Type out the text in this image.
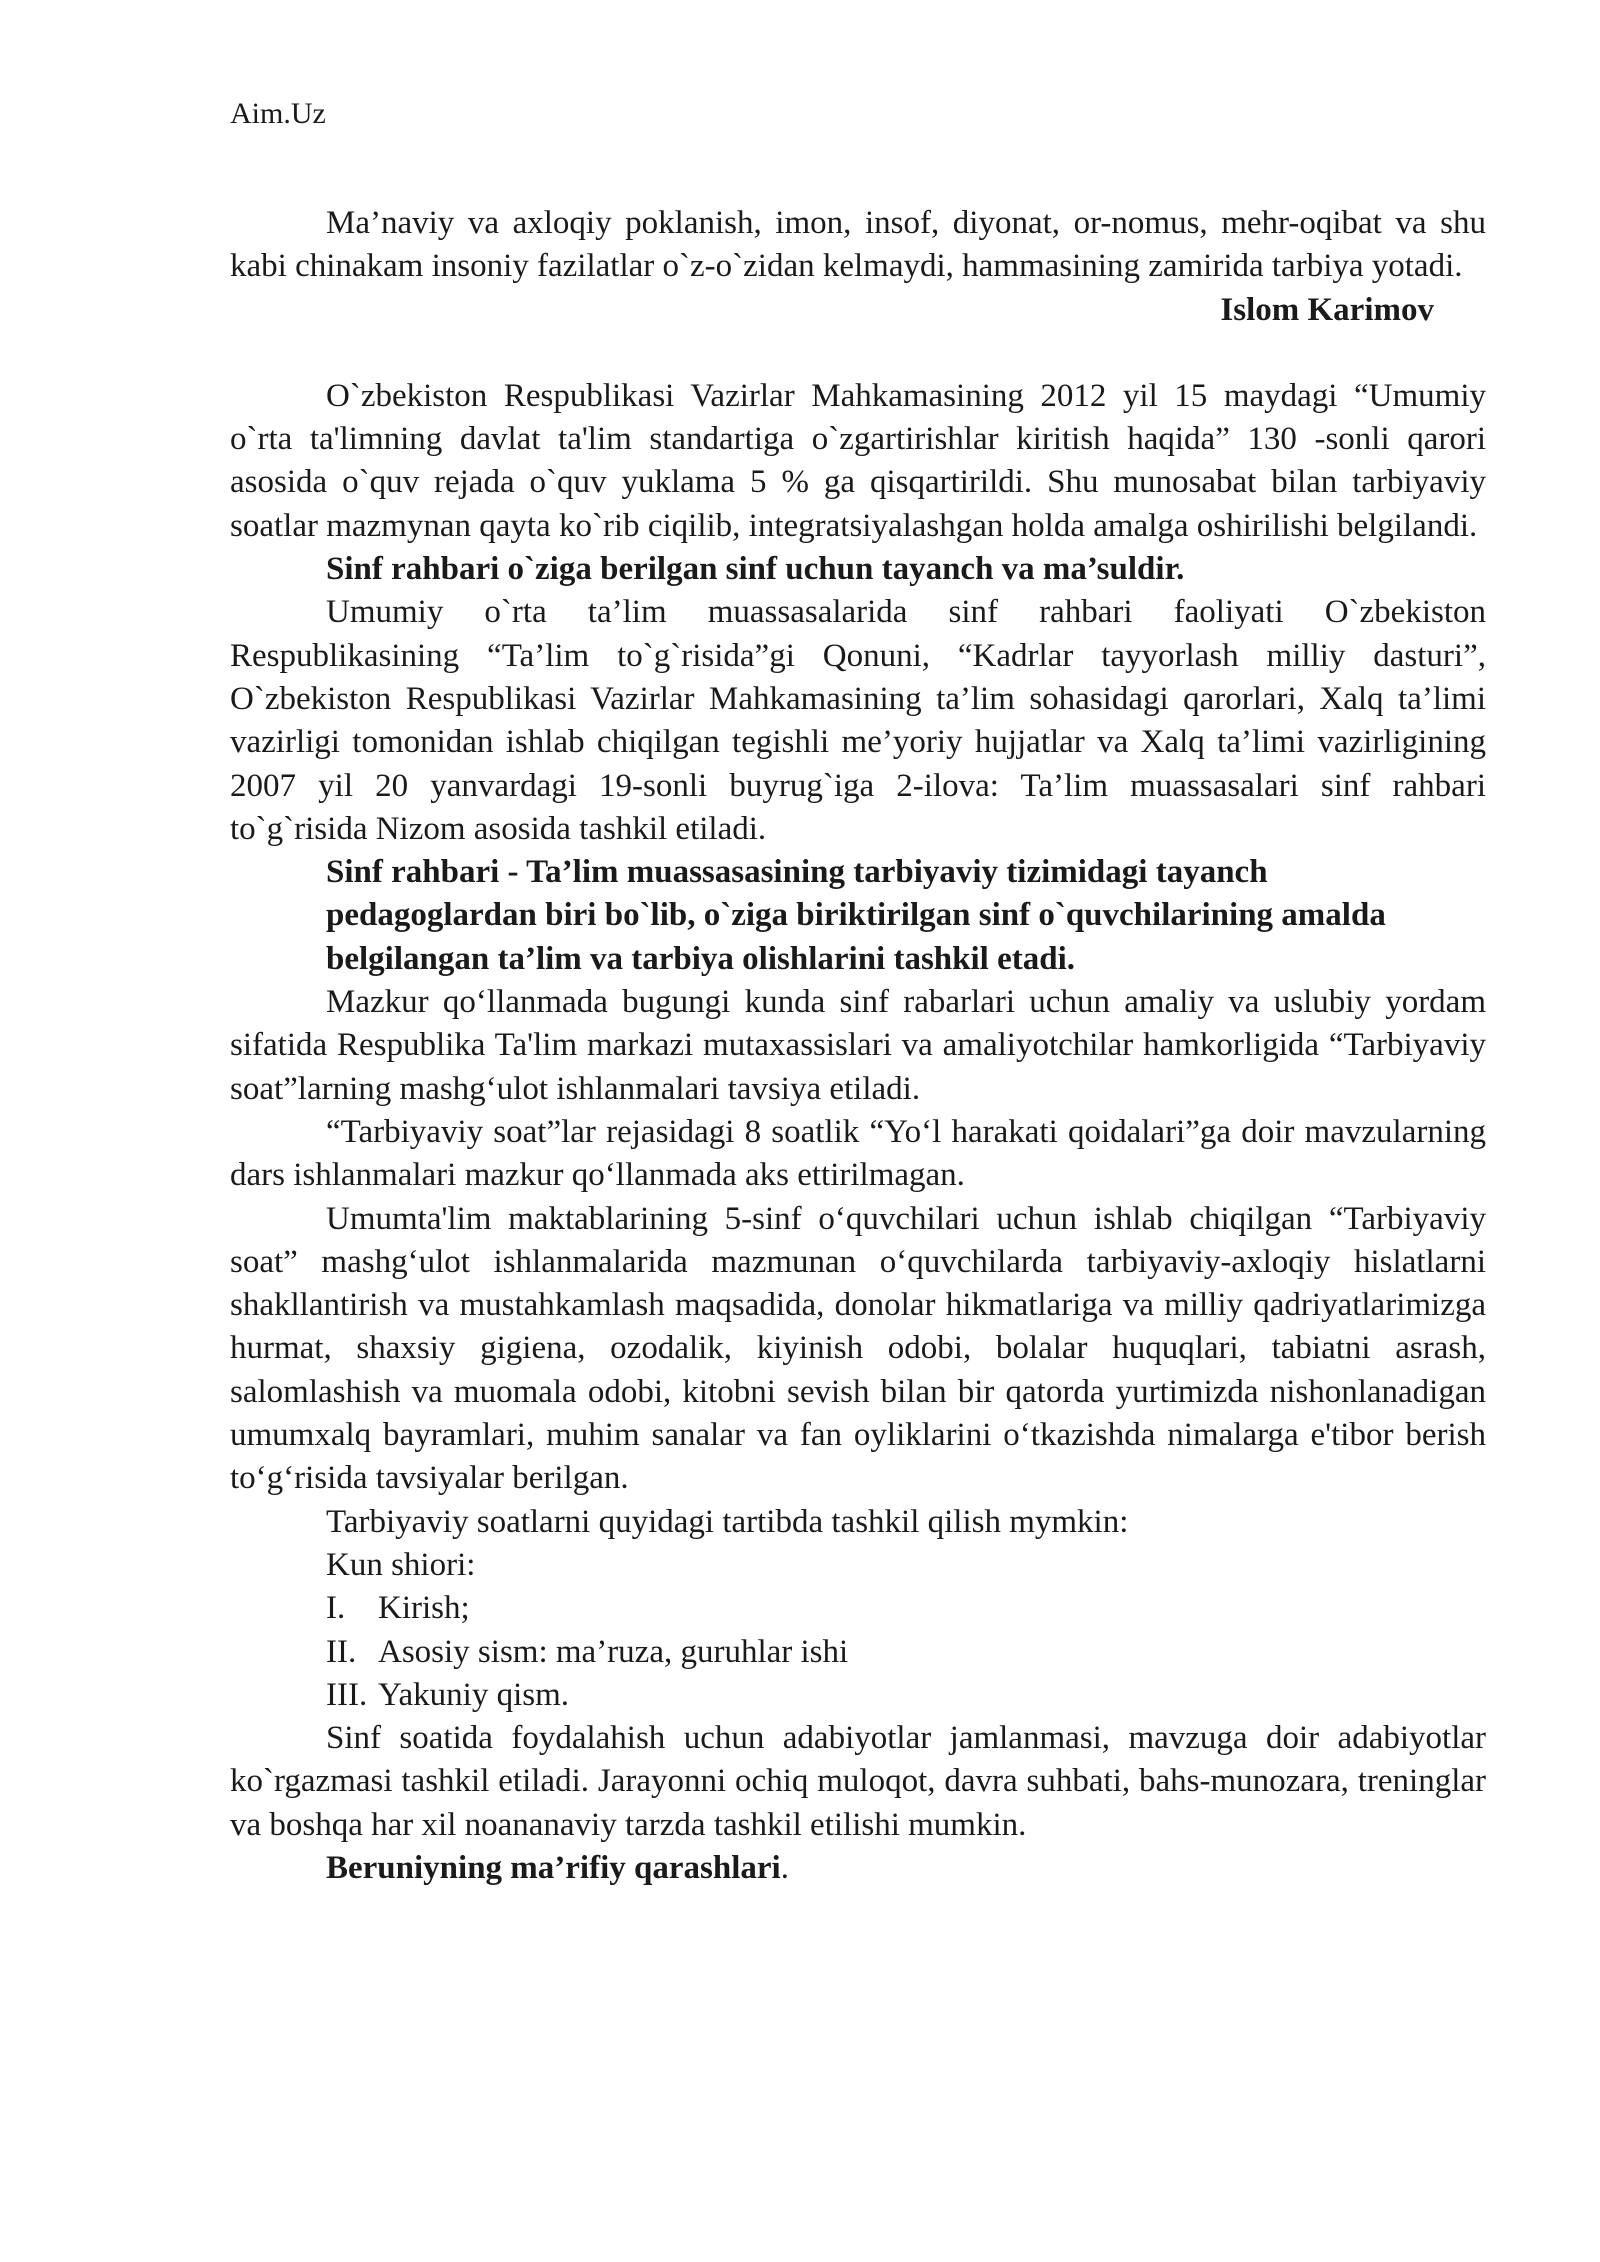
Aim.Uz

Ma’naviy va axloqiy poklanish, imon, insof, diyonat, or-nomus, mehr-oqibat va shu kabi chinakam insoniy fazilatlar o`z-o`zidan kelmaydi, hammasining zamirida tarbiya yotadi.

Islom Karimov

O`zbekiston Respublikasi Vazirlar Mahkamasining 2012 yil 15 maydagi “Umumiy o`rta ta'limning davlat ta'lim standartiga o`zgartirishlar kiritish haqida” 130 -sonli qarori asosida o`quv rejada o`quv yuklama 5 % ga qisqartirildi. Shu munosabat bilan tarbiyaviy soatlar mazmynan qayta ko`rib ciqilib, integratsiyalashgan holda amalga oshirilishi belgilandi.

Sinf rahbari o`ziga berilgan sinf uchun tayanch va ma’suldir.

Umumiy o`rta ta’lim muassasalarida sinf rahbari faoliyati O`zbekiston Respublikasining “Ta’lim to`g`risida”gi Qonuni, “Kadrlar tayyorlash milliy dasturi”, O`zbekiston Respublikasi Vazirlar Mahkamasining ta’lim sohasidagi qarorlari, Xalq ta’limi vazirligi tomonidan ishlab chiqilgan tegishli me’yoriy hujjatlar va Xalq ta’limi vazirligining 2007 yil 20 yanvardagi 19-sonli buyrug`iga 2-ilova: Ta’lim muassasalari sinf rahbari to`g`risida Nizom asosida tashkil etiladi.

Sinf rahbari - Ta’lim muassasasining tarbiyaviy tizimidagi tayanch pedagoglardan biri bo`lib, o`ziga biriktirilgan sinf o`quvchilarining amalda belgilangan ta’lim va tarbiya olishlarini tashkil etadi.

Mazkur qo‘llanmada bugungi kunda sinf rabarlari uchun amaliy va uslubiy yordam sifatida Respublika Ta'lim markazi mutaxassislari va amaliyotchilar hamkorligida “Tarbiyaviy soat”larning mashg‘ulot ishlanmalari tavsiya etiladi.

“Tarbiyaviy soat”lar rejasidagi 8 soatlik “Yo‘l harakati qoidalari”ga doir mavzularning dars ishlanmalari mazkur qo‘llanmada aks ettirilmagan.

Umumta'lim maktablarining 5-sinf o‘quvchilari uchun ishlab chiqilgan “Tarbiyaviy soat” mashg‘ulot ishlanmalarida mazmunan o‘quvchilarda tarbiyaviy-axloqiy hislatlarni shakllantirish va mustahkamlash maqsadida, donolar hikmatlariga va milliy qadriyatlarimizga hurmat, shaxsiy gigiena, ozodalik, kiyinish odobi, bolalar huquqlari, tabiatni asrash, salomlashish va muomala odobi, kitobni sevish bilan bir qatorda yurtimizda nishonlanadigan umumxalq bayramlari, muhim sanalar va fan oyliklarini o‘tkazishda nimalarga e'tibor berish to‘g‘risida tavsiyalar berilgan.

Tarbiyaviy soatlarni quyidagi tartibda tashkil qilish mymkin:

Kun shiori:

I. Kirish;
II. Asosiy sism: ma’ruza, guruhlar ishi
III. Yakuniy qism.

Sinf soatida foydalahish uchun adabiyotlar jamlanmasi, mavzuga doir adabiyotlar ko`rgazmasi tashkil etiladi. Jarayonni ochiq muloqot, davra suhbati, bahs-munozara, treninglar va boshqa har xil noananaviy tarzda tashkil etilishi mumkin.

Beruniyning ma’rifiy qarashlari.
